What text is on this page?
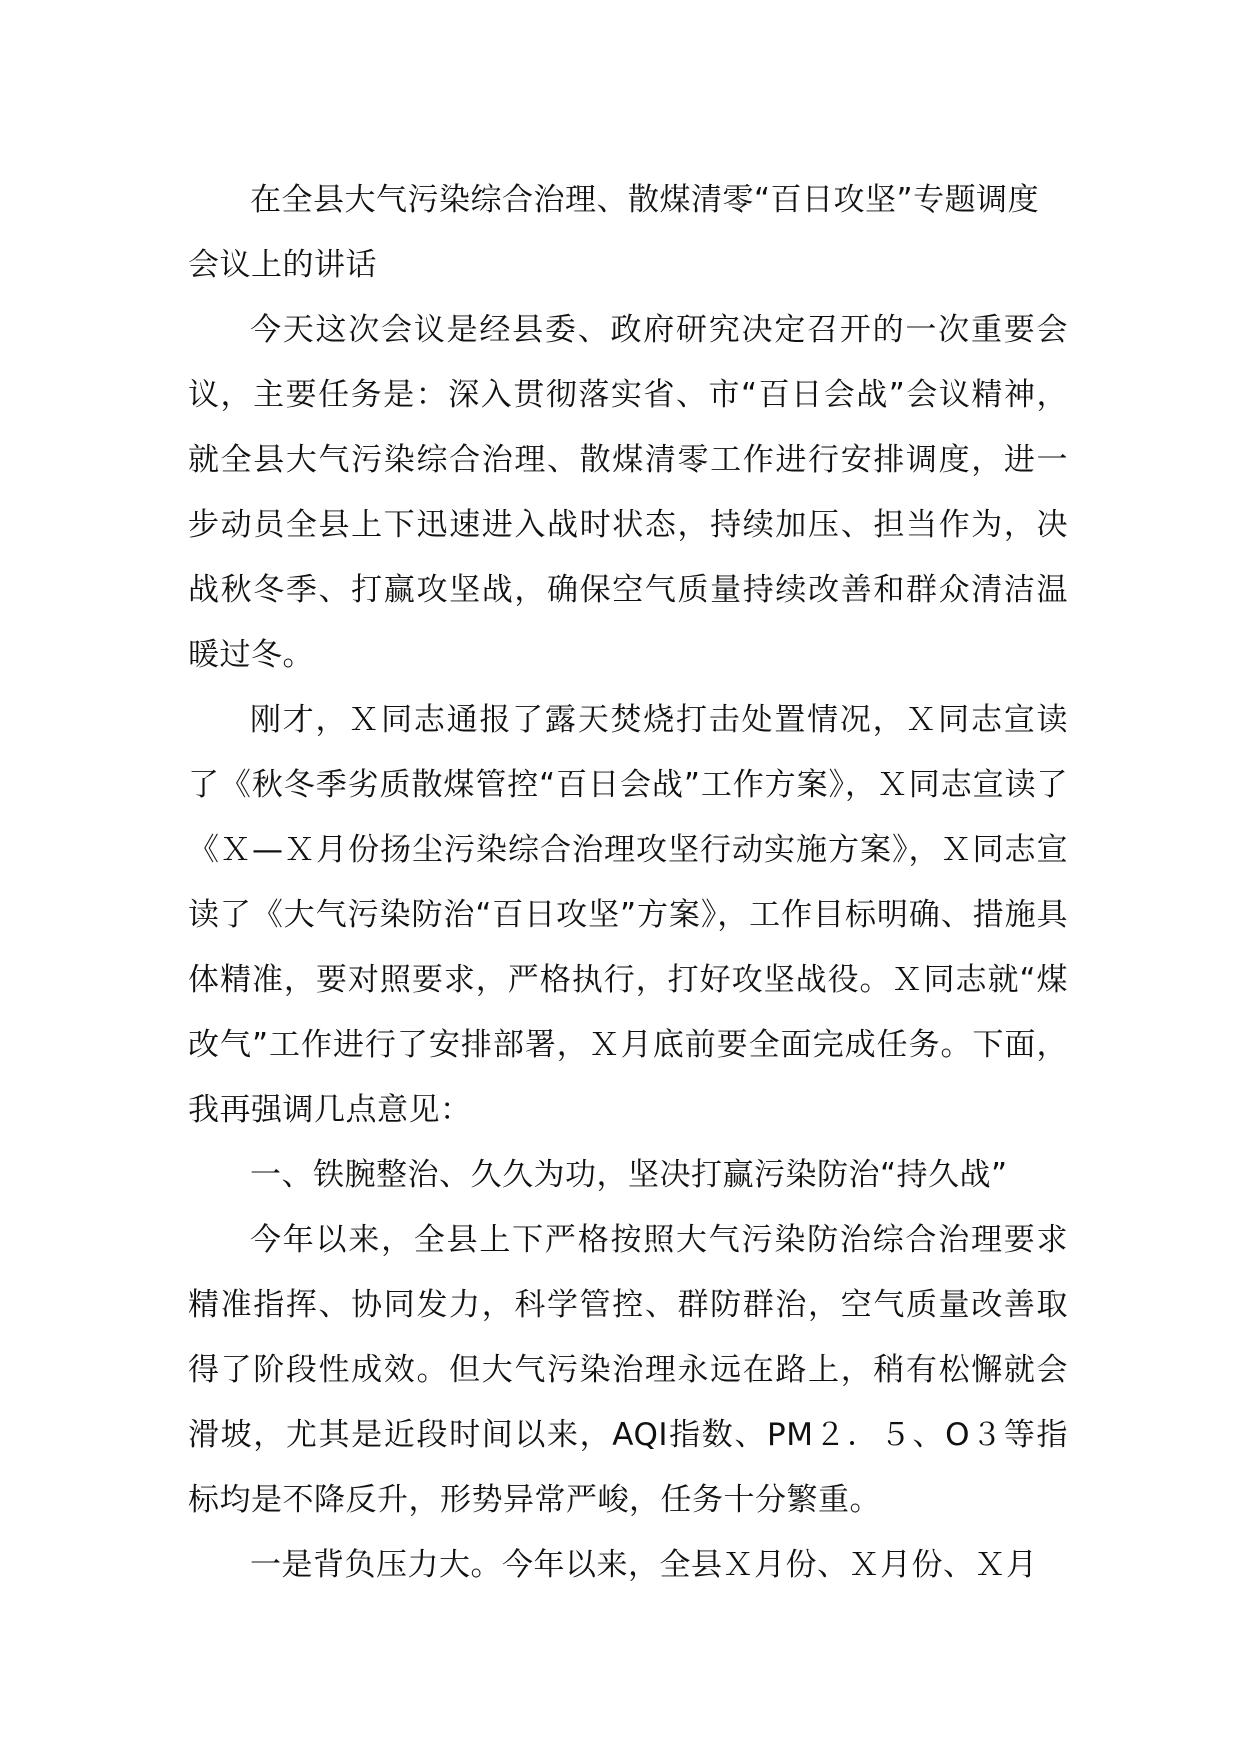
在全县大气污染综合治理、散煤清零“百日攻坚”专题调度会议上的讲话

今天这次会议是经县委、政府研究决定召开的一次重要会议，主要任务是：深入贯彻落实省、市“百日会战”会议精神，就全县大气污染综合治理、散煤清零工作进行安排调度，进一步动员全县上下迅速进入战时状态，持续加压、担当作为，决战秋冬季、打赢攻坚战，确保空气质量持续改善和群众清洁温暖过冬。

刚才，Ｘ同志通报了露天焚烧打击处置情况，Ｘ同志宣读了《秋冬季劣质散煤管控“百日会战”工作方案》，Ｘ同志宣读了《Ｘ—Ｘ月份扬尘污染综合治理攻坚行动实施方案》，Ｘ同志宣读了《大气污染防治“百日攻坚”方案》，工作目标明确、措施具体精准，要对照要求，严格执行，打好攻坚战役。Ｘ同志就“煤改气”工作进行了安排部署，Ｘ月底前要全面完成任务。下面，我再强调几点意见：

一、铁腕整治、久久为功，坚决打赢污染防治“持久战”

今年以来，全县上下严格按照大气污染防治综合治理要求精准指挥、协同发力，科学管控、群防群治，空气质量改善取得了阶段性成效。但大气污染治理永远在路上，稍有松懈就会滑坡，尤其是近段时间以来，AQI指数、PM２．５、O３等指标均是不降反升，形势异常严峻，任务十分繁重。

一是背负压力大。今年以来，全县Ｘ月份、Ｘ月份、Ｘ月
